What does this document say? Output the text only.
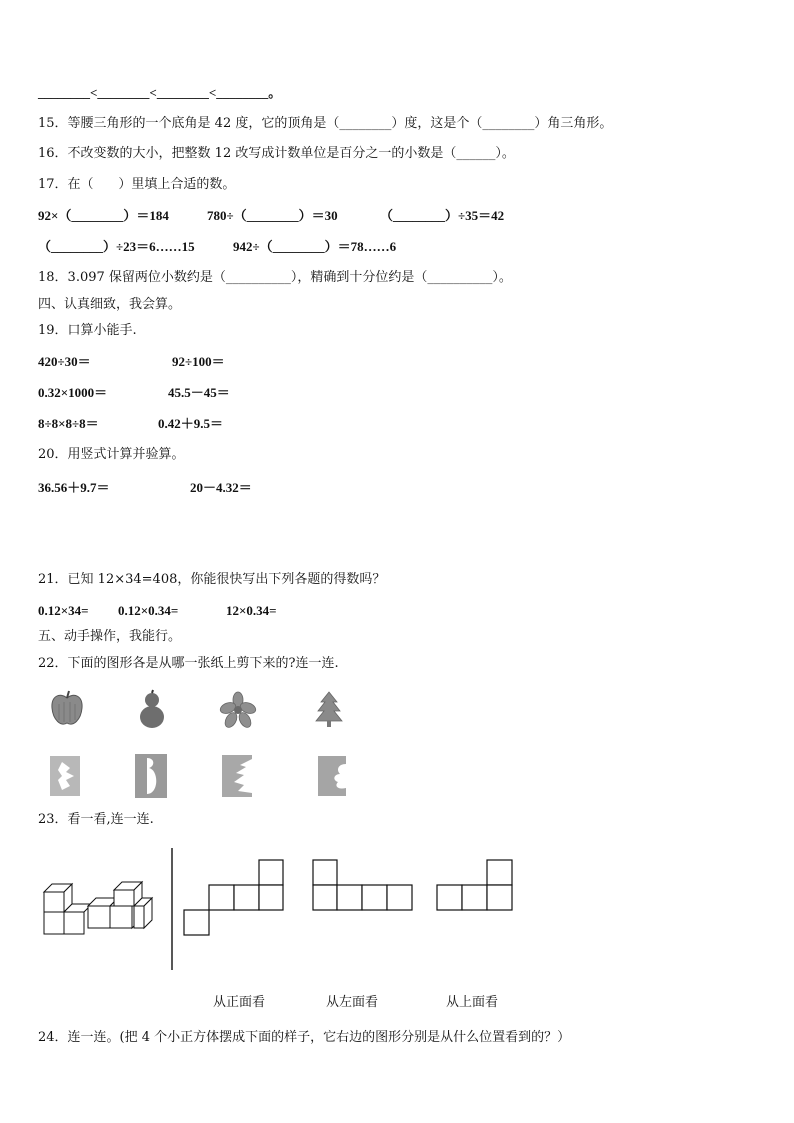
________<________<________<________。
15．等腰三角形的一个底角是 42 度，它的顶角是（________）度，这是个（________）角三角形。
16．不改变数的大小，把整数 12 改写成计数单位是百分之一的小数是（______）。
17．在（      ）里填上合适的数。
92×（________）＝184	780÷（________）＝30	（________）÷35＝42
（________）÷23＝6……15	942÷（________）＝78……6
18．3.097 保留两位小数约是（__________），精确到十分位约是（__________）。
四、认真细致，我会算。
19．口算小能手.
420÷30＝	92÷100＝
0.32×1000＝	45.5－45＝
8÷8×8÷8＝	0.42＋9.5＝
20．用竖式计算并验算。
36.56＋9.7＝	20－4.32＝
21．已知 12×34=408，你能很快写出下列各题的得数吗？
0.12×34= 0.12×0.34=	12×0.34=
五、动手操作，我能行。
22．下面的图形各是从哪一张纸上剪下来的?连一连.
23．看一看,连一连.
从正面看	从左面看	从上面看
24．连一连。(把 4 个小正方体摆成下面的样子，它右边的图形分别是从什么位置看到的？）
